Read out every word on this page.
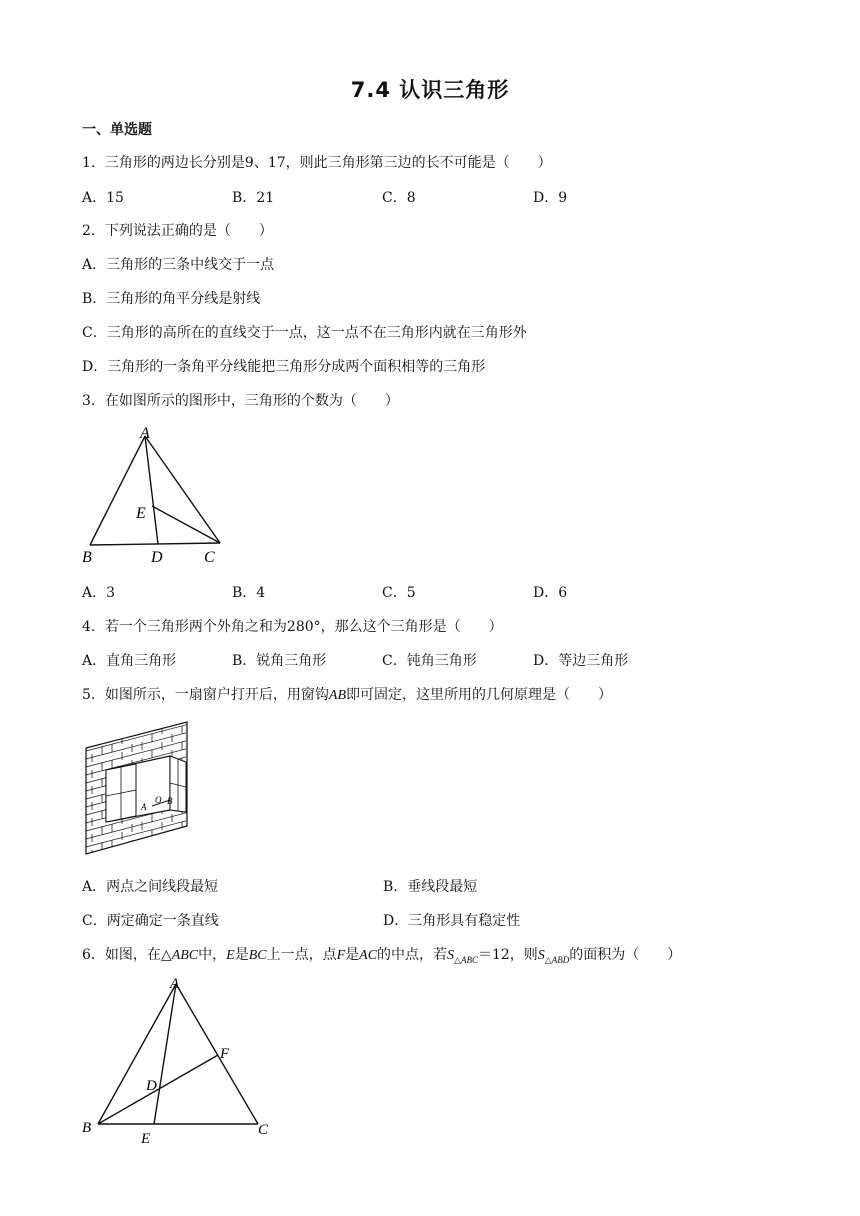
7.4 认识三角形
一、单选题
1．三角形的两边长分别是9、17，则此三角形第三边的长不可能是（　　）
A．15	B．21	C．8	D．9
2．下列说法正确的是（　　）
A．三角形的三条中线交于一点
B．三角形的角平分线是射线
C．三角形的高所在的直线交于一点，这一点不在三角形内就在三角形外
D．三角形的一条角平分线能把三角形分成两个面积相等的三角形
3．在如图所示的图形中，三角形的个数为（　　）
A
E
B	D	C
A．3	B．4	C．5	D．6
4．若一个三角形两个外角之和为280°，那么这个三角形是（　　）
A．直角三角形	B．锐角三角形	C．钝角三角形	D．等边三角形
5．如图所示，一扇窗户打开后，用窗钩AB即可固定，这里所用的几何原理是（　　）
A
O B
A．两点之间线段最短	B．垂线段最短
C．两定确定一条直线	D．三角形具有稳定性
6．如图，在△ABC中，E是BC上一点，点F是AC的中点，若$S_{\triangle ABC}=12$，则$S_{\triangle ABD}$的面积为（　　）
A
F
D
B
E
C
